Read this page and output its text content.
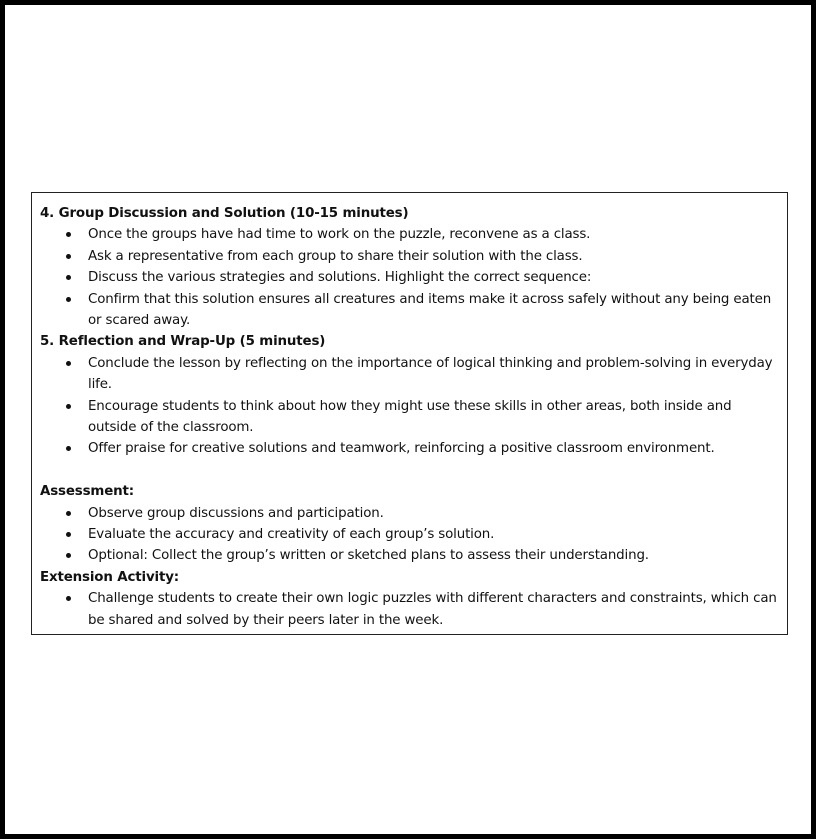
4. Group Discussion and Solution (10-15 minutes)
Once the groups have had time to work on the puzzle, reconvene as a class.
Ask a representative from each group to share their solution with the class.
Discuss the various strategies and solutions. Highlight the correct sequence:
Confirm that this solution ensures all creatures and items make it across safely without any being eaten or scared away.
5. Reflection and Wrap-Up (5 minutes)
Conclude the lesson by reflecting on the importance of logical thinking and problem-solving in everyday life.
Encourage students to think about how they might use these skills in other areas, both inside and outside of the classroom.
Offer praise for creative solutions and teamwork, reinforcing a positive classroom environment.
Assessment:
Observe group discussions and participation.
Evaluate the accuracy and creativity of each group’s solution.
Optional: Collect the group’s written or sketched plans to assess their understanding.
Extension Activity:
Challenge students to create their own logic puzzles with different characters and constraints, which can be shared and solved by their peers later in the week.
